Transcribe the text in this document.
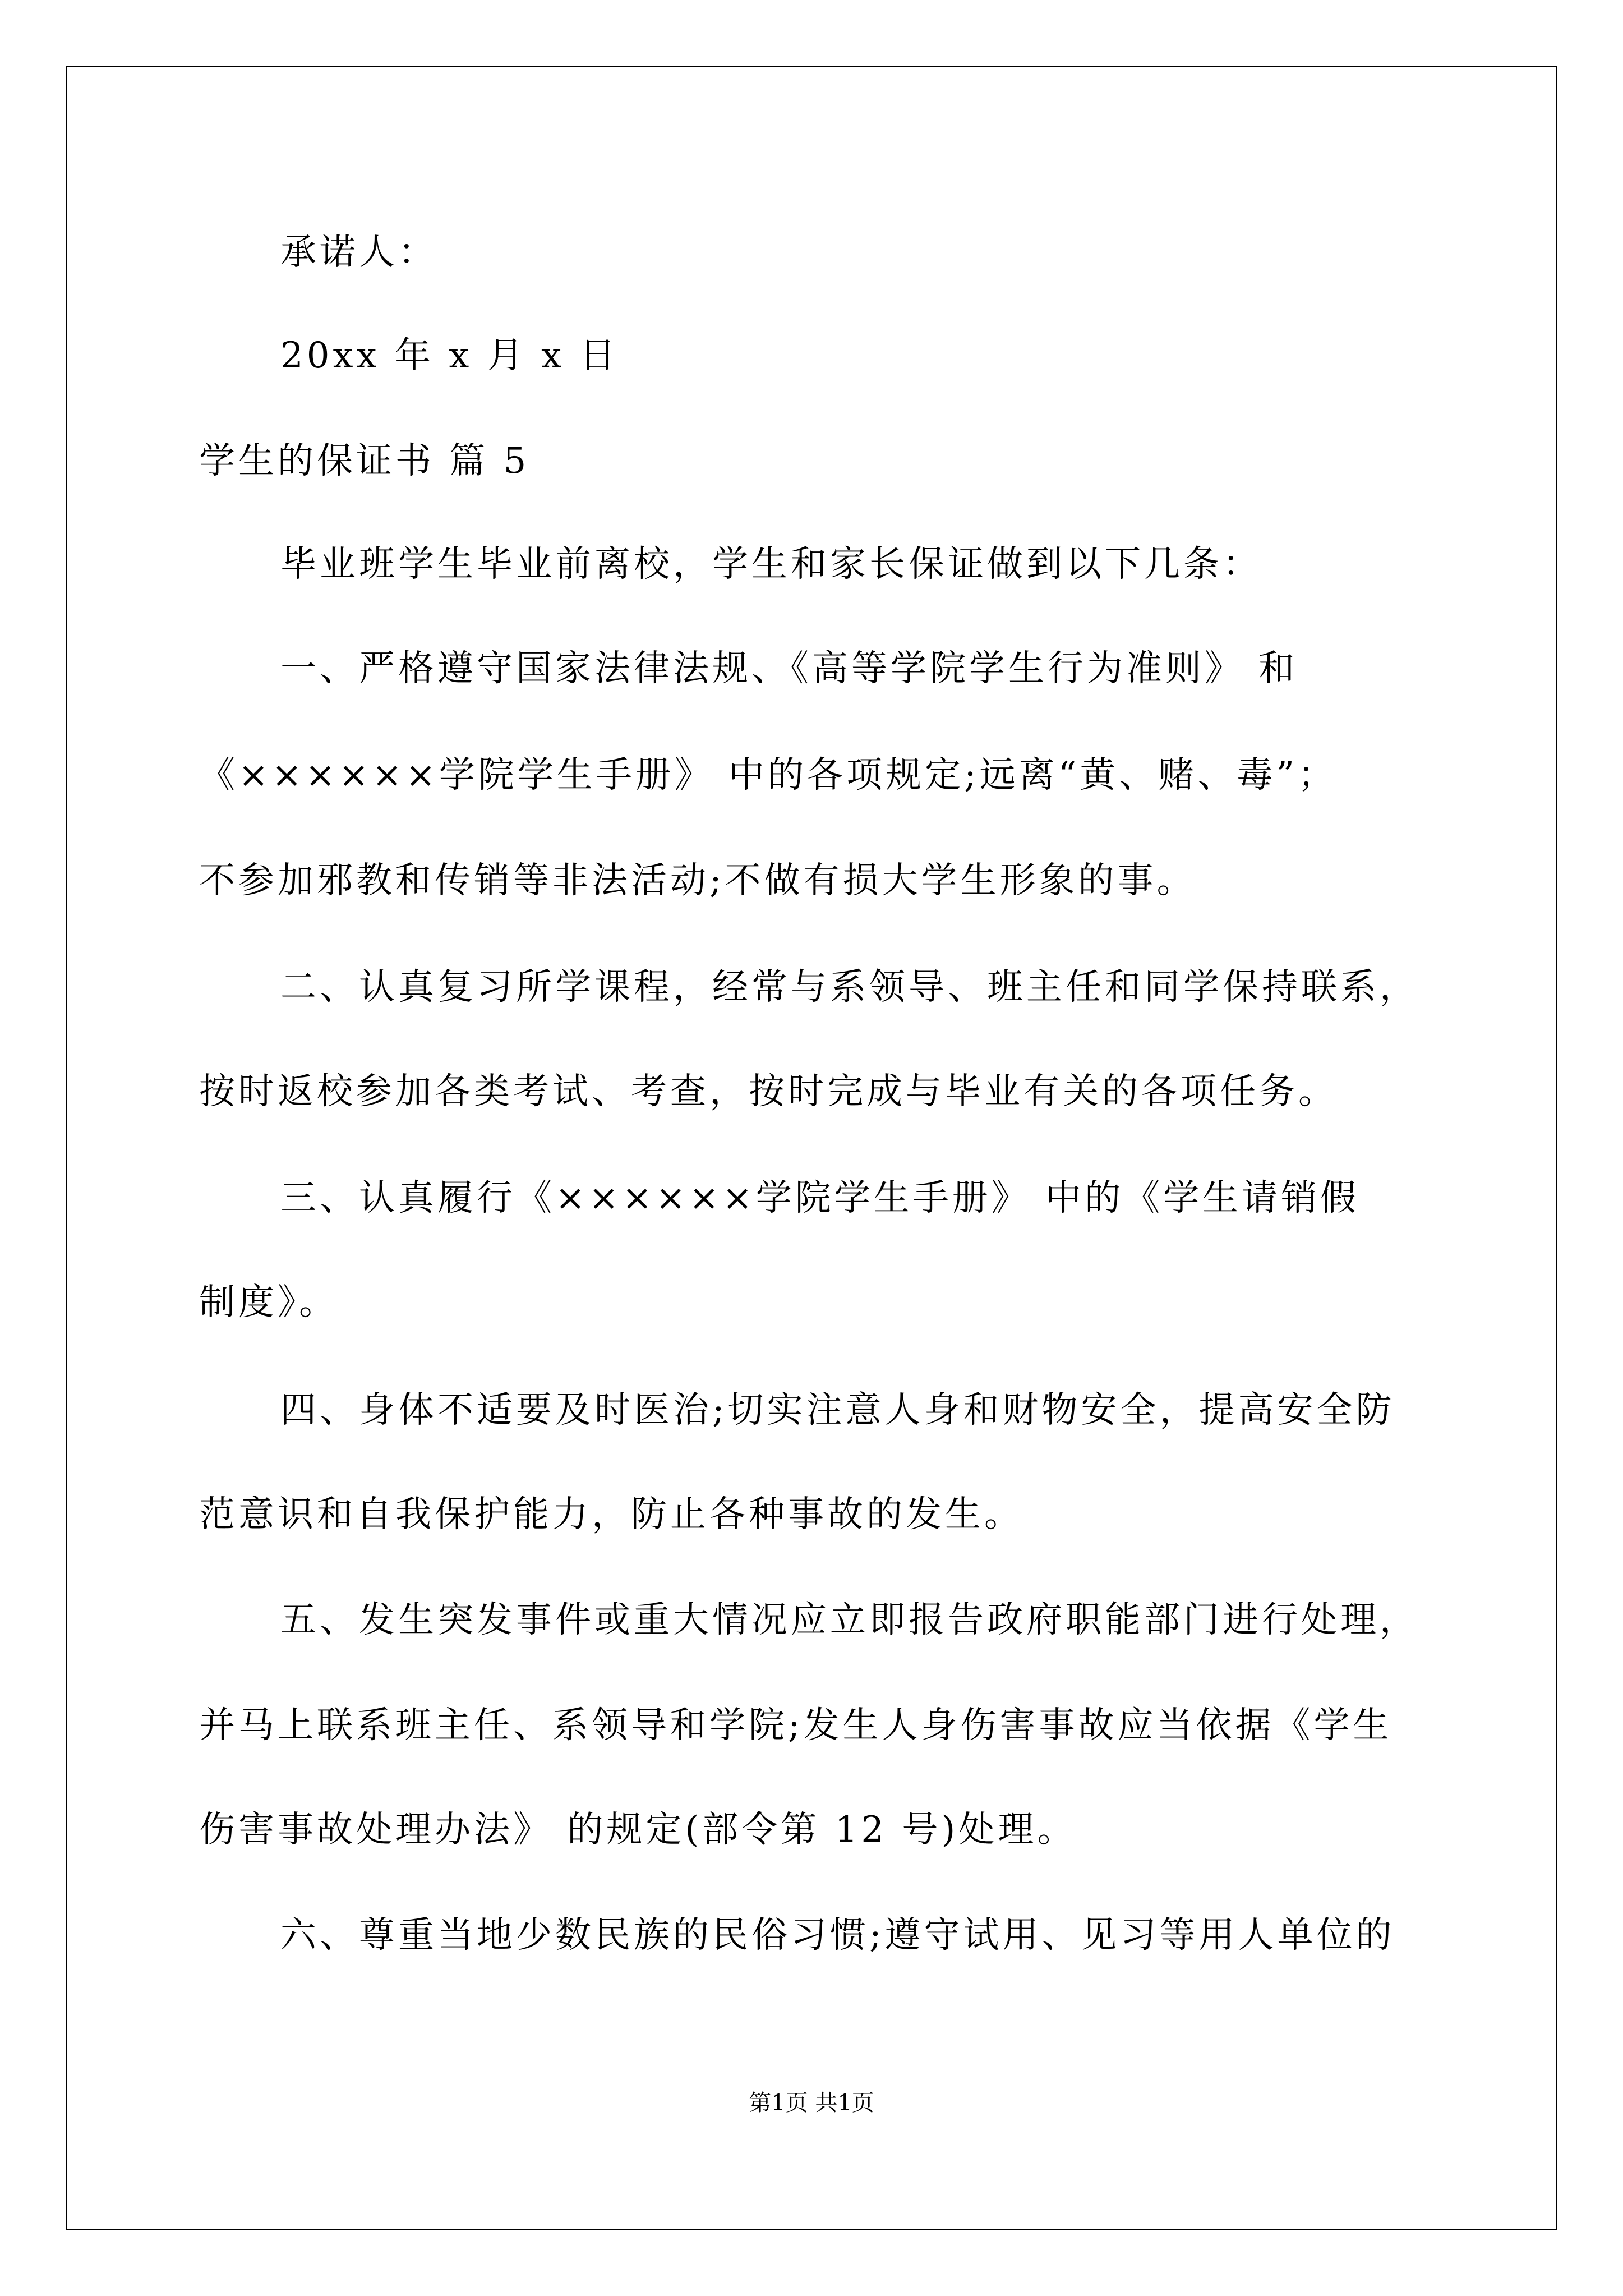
承诺人：
20xx 年 x 月 x 日
学生的保证书 篇 5
毕业班学生毕业前离校，学生和家长保证做到以下几条：
一、严格遵守国家法律法规、《高等学院学生行为准则》 和
《××××××学院学生手册》 中的各项规定;远离“黄、赌、毒”；
不参加邪教和传销等非法活动;不做有损大学生形象的事。
二、认真复习所学课程，经常与系领导、班主任和同学保持联系，
按时返校参加各类考试、考查，按时完成与毕业有关的各项任务。
三、认真履行《××××××学院学生手册》 中的《学生请销假
制度》。
四、身体不适要及时医治;切实注意人身和财物安全，提高安全防
范意识和自我保护能力，防止各种事故的发生。
五、发生突发事件或重大情况应立即报告政府职能部门进行处理，
并马上联系班主任、系领导和学院;发生人身伤害事故应当依据《学生
伤害事故处理办法》 的规定(部令第 12 号)处理。
六、尊重当地少数民族的民俗习惯;遵守试用、见习等用人单位的
第1页 共1页
